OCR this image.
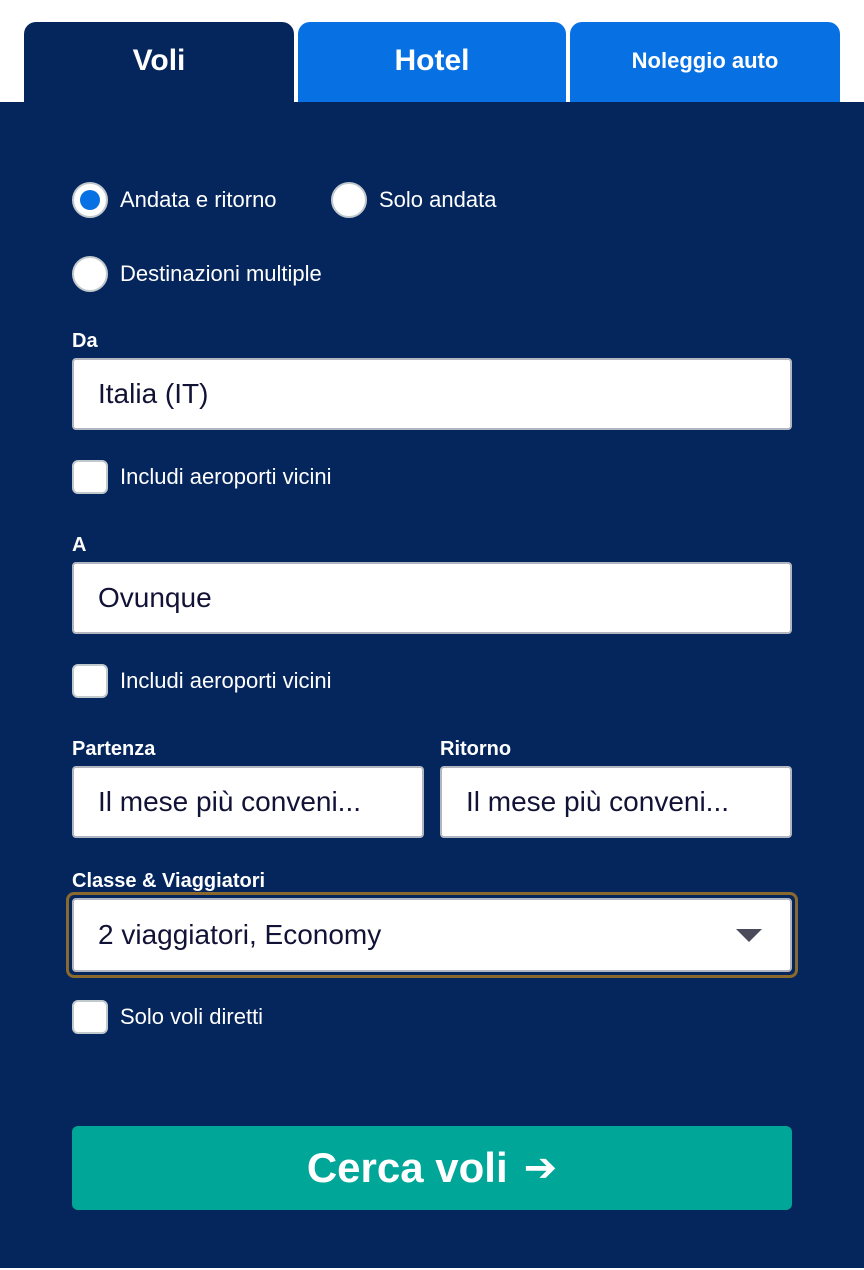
Voli	Hotel	Noleggio auto
Andata e ritorno	Solo andata
Destinazioni multiple
Da
Italia (IT)
Includi aeroporti vicini
A
Ovunque
Includi aeroporti vicini
Partenza
Il mese più conveni...
Ritorno
Il mese più conveni...
Classe & Viaggiatori
2 viaggiatori, Economy
Solo voli diretti
Cerca voli ➔
